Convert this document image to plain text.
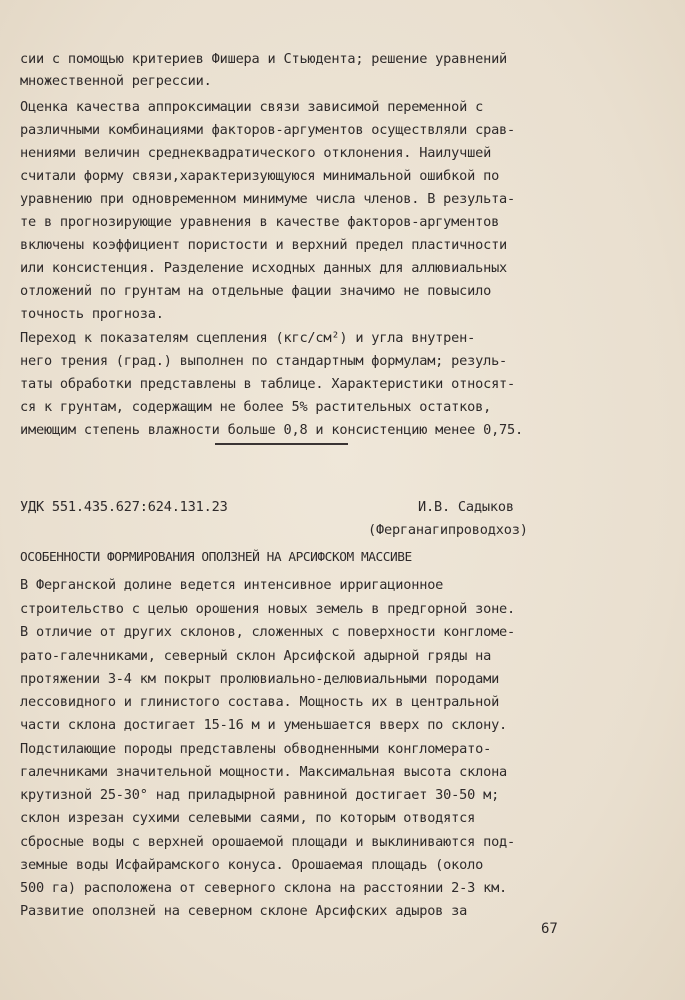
сии с помощью критериев Фишера и Стьюдента; решение уравнений
множественной регрессии.
Оценка качества аппроксимации связи зависимой переменной с
различными комбинациями факторов-аргументов осуществляли срав-
нениями величин среднеквадратического отклонения. Наилучшей
считали форму связи,характеризующуюся минимальной ошибкой по
уравнению при одновременном минимуме числа членов. В результа-
те в прогнозирующие уравнения в качестве факторов-аргументов
включены коэффициент пористости и верхний предел пластичности
или консистенция. Разделение исходных данных для аллювиальных
отложений по грунтам на отдельные фации значимо не повысило
точность прогноза.
Переход к показателям сцепления (кгс/см²) и угла внутрен-
него трения (град.) выполнен по стандартным формулам; резуль-
таты обработки представлены в таблице. Характеристики относят-
ся к грунтам, содержащим не более 5% растительных остатков,
имеющим степень влажности больше 0,8 и консистенцию менее 0,75.
УДК 551.435.627:624.131.23	И.В. Садыков
(Ферганагипроводхоз)
ОСОБЕННОСТИ ФОРМИРОВАНИЯ ОПОЛЗНЕЙ НА АРСИФСКОМ МАССИВЕ
В Ферганской долине ведется интенсивное ирригационное
строительство с целью орошения новых земель в предгорной зоне.
В отличие от других склонов, сложенных с поверхности конгломе-
рато-галечниками, северный склон Арсифской адырной гряды на
протяжении 3-4 км покрыт пролювиально-делювиальными породами
лессовидного и глинистого состава. Мощность их в центральной
части склона достигает 15-16 м и уменьшается вверх по склону.
Подстилающие породы представлены обводненными конгломерато-
галечниками значительной мощности. Максимальная высота склона
крутизной 25-30° над приладырной равниной достигает 30-50 м;
склон изрезан сухими селевыми саями, по которым отводятся
сбросные воды с верхней орошаемой площади и выклиниваются под-
земные воды Исфайрамского конуса. Орошаемая площадь (около
500 га) расположена от северного склона на расстоянии 2-3 км.
Развитие оползней на северном склоне Арсифских адыров за
67
